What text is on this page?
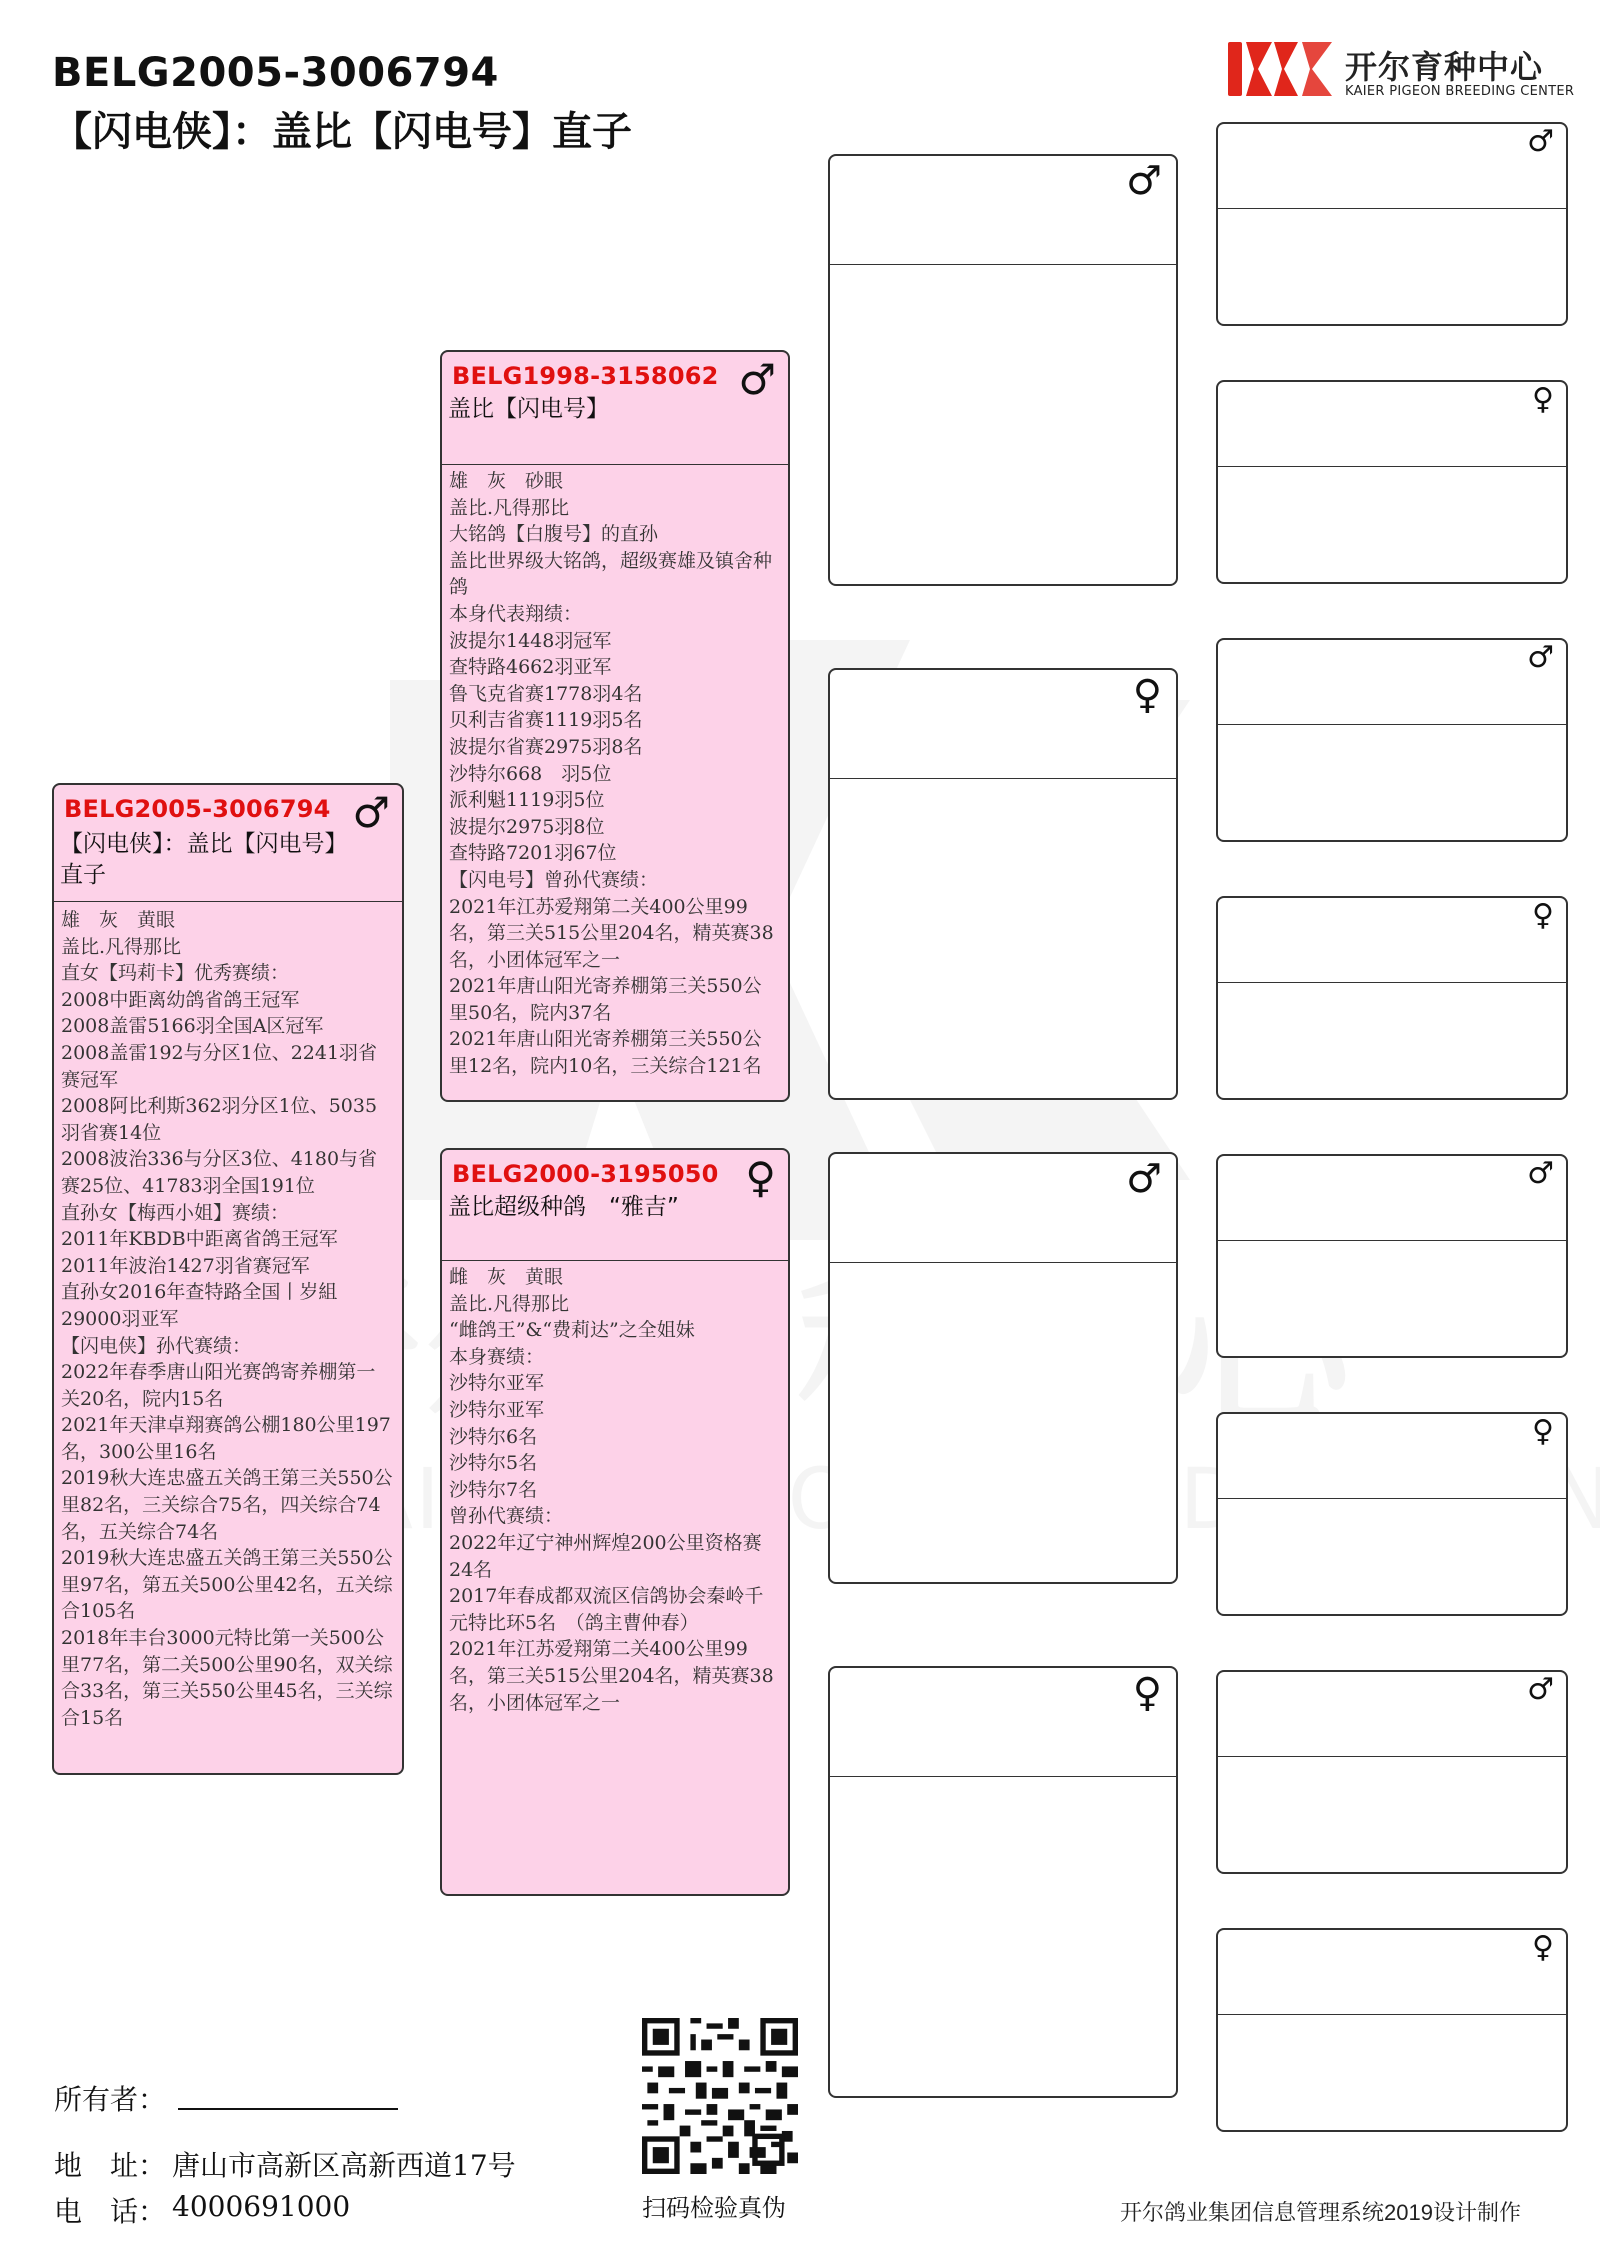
BELG2005-3006794
【闪电侠】：盖比【闪电号】直子
开尔育种中心
KAIER PIGEON BREEDING CENTER
BELG2005-3006794 ♂
【闪电侠】：盖比【闪电号】直子
雄　灰　黄眼
盖比.凡得那比
直女【玛莉卡】优秀赛绩：
2008中距离幼鸽省鸽王冠军
2008盖雷5166羽全国A区冠军
2008盖雷192与分区1位、2241羽省赛冠军
2008阿比利斯362羽分区1位、5035羽省赛14位
2008波治336与分区3位、4180与省赛25位、41783羽全国191位
直孙女【梅西小姐】赛绩：
2011年KBDB中距离省鸽王冠军
2011年波治1427羽省赛冠军
直孙女2016年查特路全国丨岁組29000羽亚军
【闪电侠】孙代赛绩：
2022年春季唐山阳光赛鸽寄养棚第一关20名，院内15名
2021年天津卓翔赛鸽公棚180公里197名，300公里16名
2019秋大连忠盛五关鸽王第三关550公里82名，三关综合75名，四关综合74名，五关综合74名
2019秋大连忠盛五关鸽王第三关550公里97名，第五关500公里42名，五关综合105名
2018年丰台3000元特比第一关500公里77名，第二关500公里90名，双关综合33名，第三关550公里45名，三关综合15名
BELG1998-3158062 ♂
盖比【闪电号】
雄　灰　砂眼
盖比.凡得那比
大铭鸽【白腹号】的直孙
盖比世界级大铭鸽，超级赛雄及镇舍种鸽
本身代表翔绩：
波提尔1448羽冠军
查特路4662羽亚军
鲁飞克省赛1778羽4名
贝利吉省赛1119羽5名
波提尔省赛2975羽8名
沙特尔668　羽5位
派利魁1119羽5位
波提尔2975羽8位
查特路7201羽67位
【闪电号】曾孙代赛绩：
2021年江苏爱翔第二关400公里99名，第三关515公里204名，精英赛38名，小团体冠军之一
2021年唐山阳光寄养棚第三关550公里50名，院内37名
2021年唐山阳光寄养棚第三关550公里12名，院内10名，三关综合121名
BELG2000-3195050 ♀
盖比超级种鸽　“雅吉”
雌　灰　黄眼
盖比.凡得那比
“雌鸽王”&“费莉达”之全姐妹
本身赛绩：
沙特尔亚军
沙特尔亚军
沙特尔6名
沙特尔5名
沙特尔7名
曾孙代赛绩：
2022年辽宁神州辉煌200公里资格赛24名
2017年春成都双流区信鸽协会秦岭千元特比环5名　（鸽主曹仲春）
2021年江苏爱翔第二关400公里99名，第三关515公里204名，精英赛38名，小团体冠军之一
♂
♀
♂
♀
♂
♀
♂
♀
♂
♀
♂
♀
所有者：
地　址： 唐山市高新区高新西道17号
电　话： 4000691000	扫码检验真伪	开尔鸽业集团信息管理系统2019设计制作
